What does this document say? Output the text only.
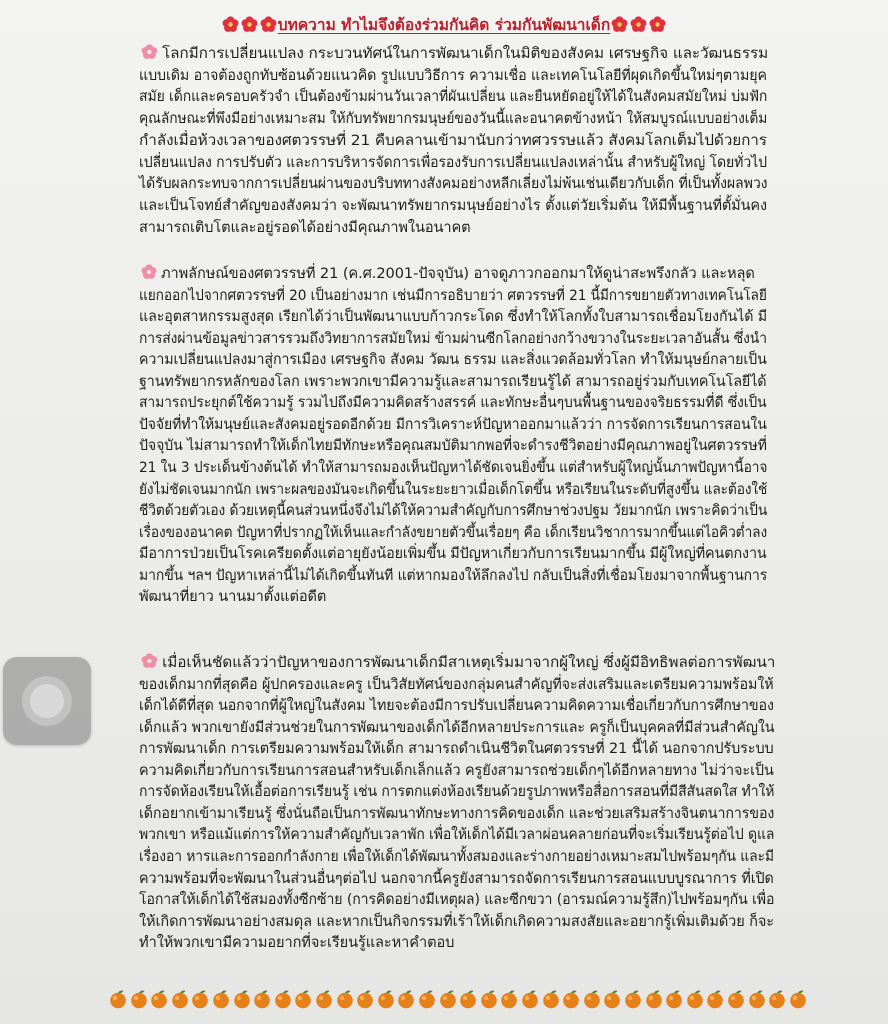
บทความ ทำไมจึงต้องร่วมกันคิด ร่วมกันพัฒนาเด็ก
โลกมีการเปลี่ยนแปลง กระบวนทัศน์ในการพัฒนาเด็กในมิติของสังคม เศรษฐกิจ และวัฒนธรรม
แบบเดิม อาจต้องถูกทับซ้อนด้วยแนวคิด รูปแบบวิธีการ ความเชื่อ และเทคโนโลยีที่ผุดเกิดขึ้นใหม่ๆตามยุค
สมัย เด็กและครอบครัวจำ เป็นต้องข้ามผ่านวันเวลาที่ผันเปลี่ยน และยืนหยัดอยู่ให้ได้ในสังคมสมัยใหม่ บ่มฟัก
คุณลักษณะที่พึงมีอย่างเหมาะสม ให้กับทรัพยากรมนุษย์ของวันนี้และอนาคตข้างหน้า ให้สมบูรณ์แบบอย่างเต็ม
กำลังเมื่อห้วงเวลาของศตวรรษที่ 21 คืบคลานเข้ามานับกว่าทศวรรษแล้ว สังคมโลกเต็มไปด้วยการ
เปลี่ยนแปลง การปรับตัว และการบริหารจัดการเพื่อรองรับการเปลี่ยนแปลงเหล่านั้น สำหรับผู้ใหญ่ โดยทั่วไป
ได้รับผลกระทบจากการเปลี่ยนผ่านของบริบททางสังคมอย่างหลีกเลี่ยงไม่พ้นเช่นเดียวกับเด็ก ที่เป็นทั้งผลพวง
และเป็นโจทย์สำคัญของสังคมว่า จะพัฒนาทรัพยากรมนุษย์อย่างไร ตั้งแต่วัยเริ่มต้น ให้มีพื้นฐานที่ตั้มั่นคง
สามารถเติบโตและอยู่รอดได้อย่างมีคุณภาพในอนาคต
ภาพลักษณ์ของศตวรรษที่ 21 (ค.ศ.2001-ปัจจุบัน) อาจดูภาวกออกมาให้ดูน่าสะพรึงกลัว และหลุด
แยกออกไปจากศตวรรษที่ 20 เป็นอย่างมาก เช่นมีการอธิบายว่า ศตวรรษที่ 21 นี้มีการขยายตัวทางเทคโนโลยี
และอุตสาหกรรมสูงสุด เรียกได้ว่าเป็นพัฒนาแบบก้าวกระโดด ซึ่งทำให้โลกทั้งใบสามารถเชื่อมโยงกันได้ มี
การส่งผ่านข้อมูลข่าวสารรวมถึงวิทยาการสมัยใหม่ ข้ามผ่านซีกโลกอย่างกว้างขวางในระยะเวลาอันสั้น ซึ่งนำ
ความเปลี่ยนแปลงมาสู่การเมือง เศรษฐกิจ สังคม วัฒน ธรรม และสิ่งแวดล้อมทั่วโลก ทำให้มนุษย์กลายเป็น
ฐานทรัพยากรหลักของโลก เพราะพวกเขามีความรู้และสามารถเรียนรู้ได้ สามารถอยู่ร่วมกับเทคโนโลยีได้
สามารถประยุกต์ใช้ความรู้ รวมไปถึงมีความคิดสร้างสรรค์ และทักษะอื่นๆบนพื้นฐานของจริยธรรมที่ดี ซึ่งเป็น
ปัจจัยที่ทำให้มนุษย์และสังคมอยู่รอดอีกด้วย มีการวิเคราะห์ปัญหาออกมาแล้วว่า การจัดการเรียนการสอนใน
ปัจจุบัน ไม่สามารถทำให้เด็กไทยมีทักษะหรือคุณสมบัติมากพอที่จะดำรงชีวิตอย่างมีคุณภาพอยู่ในศตวรรษที่
21 ใน 3 ประเด็นข้างต้นได้ ทำให้สามารถมองเห็นปัญหาได้ชัดเจนยิ่งขึ้น แต่สำหรับผู้ใหญ่นั้นภาพปัญหานี้อาจ
ยังไม่ชัดเจนมากนัก เพราะผลของมันจะเกิดขึ้นในระยะยาวเมื่อเด็กโตขึ้น หรือเรียนในระดับที่สูงขึ้น และต้องใช้
ชีวิตด้วยตัวเอง ด้วยเหตุนี้คนส่วนหนึ่งจึงไม่ได้ให้ความสำคัญกับการศึกษาช่วงปฐม วัยมากนัก เพราะคิดว่าเป็น
เรื่องของอนาคต ปัญหาที่ปรากฏให้เห็นและกำลังขยายตัวขึ้นเรื่อยๆ คือ เด็กเรียนวิชาการมากขึ้นแต่ไอคิวต่ำลง
มีอาการป่วยเป็นโรคเครียดตั้งแต่อายุยังน้อยเพิ่มขึ้น มีปัญหาเกี่ยวกับการเรียนมากขึ้น มีผู้ใหญ่ที่คนตกงาน
มากขึ้น ฯลฯ ปัญหาเหล่านี้ไม่ได้เกิดขึ้นทันที แต่หากมองให้ลึกลงไป กลับเป็นสิ่งที่เชื่อมโยงมาจากพื้นฐานการ
พัฒนาที่ยาว นานมาตั้งแต่อดีต
เมื่อเห็นชัดแล้วว่าปัญหาของการพัฒนาเด็กมีสาเหตุเริ่มมาจากผู้ใหญ่ ซึ่งผู้มีอิทธิพลต่อการพัฒนา
ของเด็กมากที่สุดคือ ผู้ปกครองและครู เป็นวิสัยทัศน์ของกลุ่มคนสำคัญที่จะส่งเสริมและเตรียมความพร้อมให้
เด็กได้ดีที่สุด นอกจากที่ผู้ใหญ่ในสังคม ไทยจะต้องมีการปรับเปลี่ยนความคิดความเชื่อเกี่ยวกับการศึกษาของ
เด็กแล้ว พวกเขายังมีส่วนช่วยในการพัฒนาของเด็กได้อีกหลายประการและ ครูก็เป็นบุคคลที่มีส่วนสำคัญใน
การพัฒนาเด็ก การเตรียมความพร้อมให้เด็ก สามารถดำเนินชีวิตในศตวรรษที่ 21 นี้ได้ นอกจากปรับระบบ
ความคิดเกี่ยวกับการเรียนการสอนสำหรับเด็กเล็กแล้ว ครูยังสามารถช่วยเด็กๆได้อีกหลายทาง ไม่ว่าจะเป็น
การจัดห้องเรียนให้เอื้อต่อการเรียนรู้ เช่น การตกแต่งห้องเรียนด้วยรูปภาพหรือสื่อการสอนที่มีสีสันสดใส ทำให้
เด็กอยากเข้ามาเรียนรู้ ซึ่งนั่นถือเป็นการพัฒนาทักษะทางการคิดของเด็ก และช่วยเสริมสร้างจินตนาการของ
พวกเขา หรือแม้แต่การให้ความสำคัญกับเวลาพัก เพื่อให้เด็กได้มีเวลาผ่อนคลายก่อนที่จะเริ่มเรียนรู้ต่อไป ดูแล
เรื่องอา หารและการออกกำลังกาย เพื่อให้เด็กได้พัฒนาทั้งสมองและร่างกายอย่างเหมาะสมไปพร้อมๆกัน และมี
ความพร้อมที่จะพัฒนาในส่วนอื่นๆต่อไป นอกจากนี้ครูยังสามารถจัดการเรียนการสอนแบบบูรณาการ ที่เปิด
โอกาสให้เด็กได้ใช้สมองทั้งซีกซ้าย (การคิดอย่างมีเหตุผล) และซีกขวา (อารมณ์ความรู้สึก)ไปพร้อมๆกัน เพื่อ
ให้เกิดการพัฒนาอย่างสมดุล และหากเป็นกิจกรรมที่เร้าให้เด็กเกิดความสงสัยและอยากรู้เพิ่มเติมด้วย ก็จะ
ทำให้พวกเขามีความอยากที่จะเรียนรู้และหาคำตอบ
